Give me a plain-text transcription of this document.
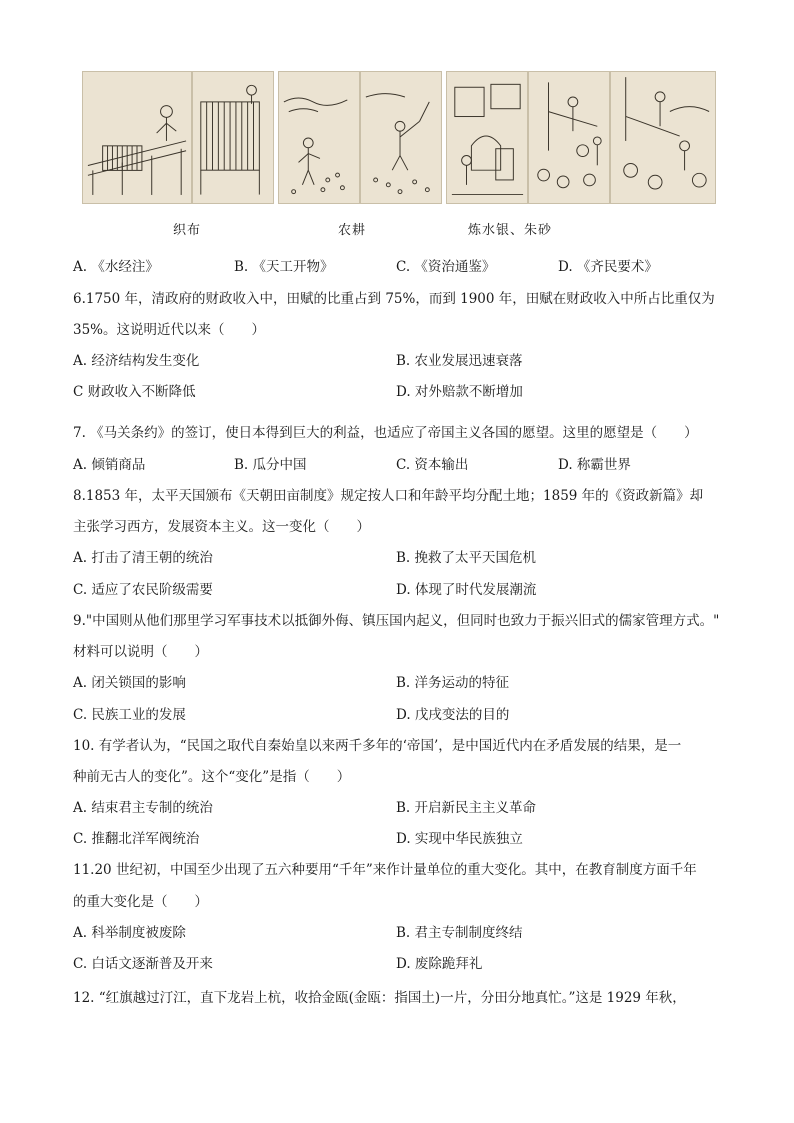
织布	农耕	炼水银、朱砂
A. 《水经注》	B. 《天工开物》	C. 《资治通鉴》	D. 《齐民要术》
6.1750 年，清政府的财政收入中，田赋的比重占到 75%，而到 1900 年，田赋在财政收入中所占比重仅为
35%。这说明近代以来（　　）
A. 经济结构发生变化	B. 农业发展迅速衰落
C 财政收入不断降低	D. 对外赔款不断增加
7. 《马关条约》的签订，使日本得到巨大的利益，也适应了帝国主义各国的愿望。这里的愿望是（　　）
A. 倾销商品	B. 瓜分中国	C. 资本输出	D. 称霸世界
8.1853 年，太平天国颁布《天朝田亩制度》规定按人口和年龄平均分配土地；1859 年的《资政新篇》却
主张学习西方，发展资本主义。这一变化（　　）
A. 打击了清王朝的统治	B. 挽救了太平天国危机
C. 适应了农民阶级需要	D. 体现了时代发展潮流
9."中国则从他们那里学习军事技术以抵御外侮、镇压国内起义，但同时也致力于振兴旧式的儒家管理方式。"
材料可以说明（　　）
A. 闭关锁国的影响	B. 洋务运动的特征
C. 民族工业的发展	D. 戊戌变法的目的
10. 有学者认为，“民国之取代自秦始皇以来两千多年的‘帝国’，是中国近代内在矛盾发展的结果，是一
种前无古人的变化”。这个“变化”是指（　　）
A. 结束君主专制的统治	B. 开启新民主主义革命
C. 推翻北洋军阀统治	D. 实现中华民族独立
11.20 世纪初，中国至少出现了五六种要用“千年”来作计量单位的重大变化。其中，在教育制度方面千年
的重大变化是（　　）
A. 科举制度被废除	B. 君主专制制度终结
C. 白话文逐渐普及开来	D. 废除跪拜礼
12. “红旗越过汀江，直下龙岩上杭，收拾金瓯(金瓯：指国土)一片，分田分地真忙。”这是 1929 年秋，
